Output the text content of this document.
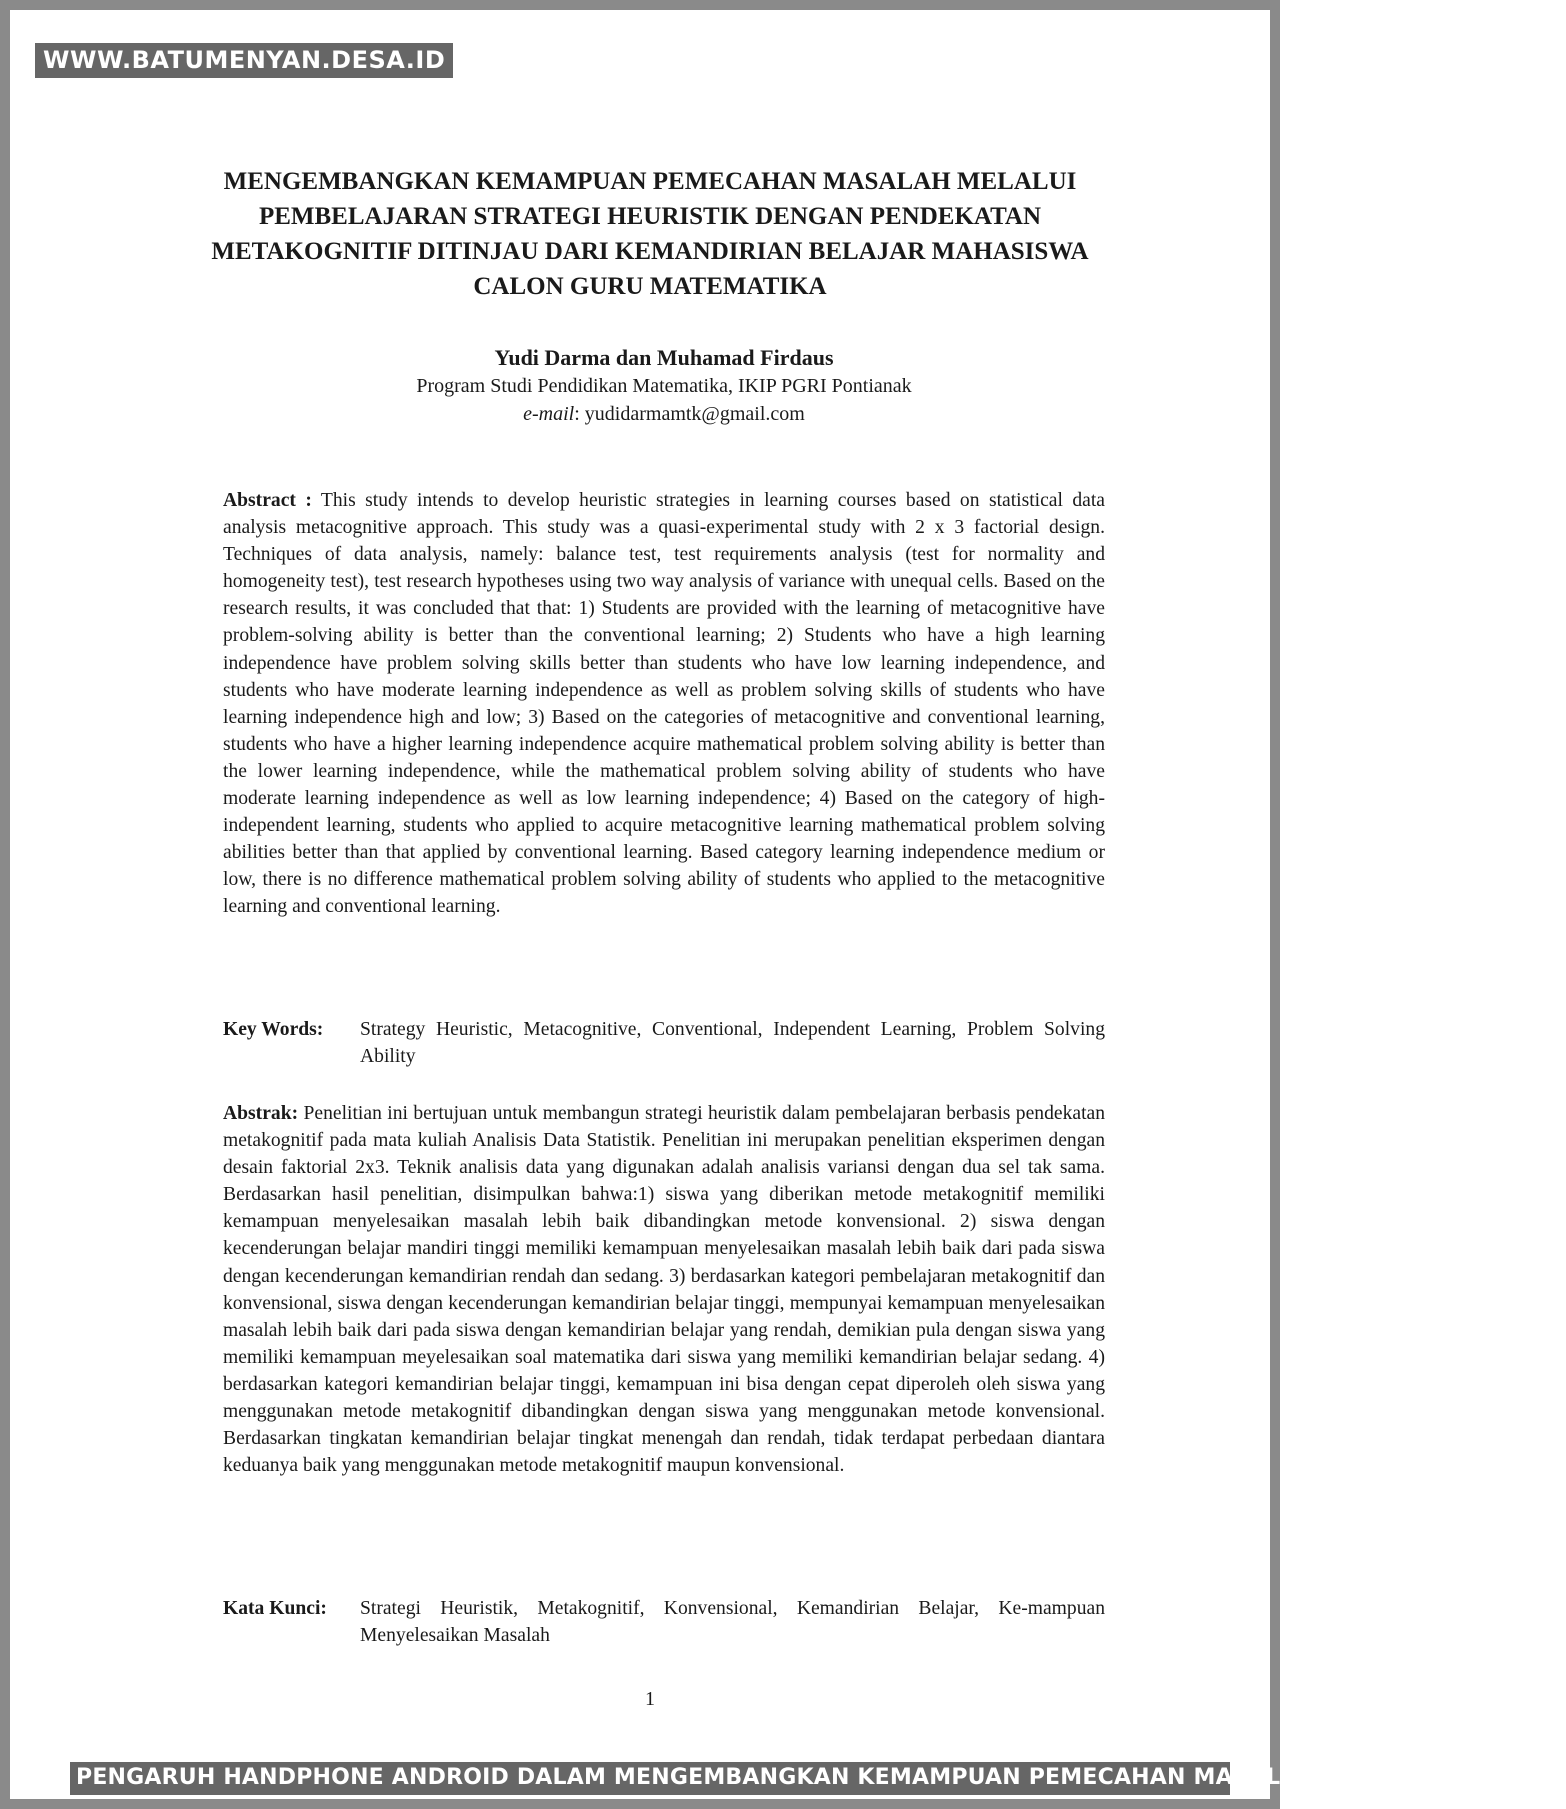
WWW.BATUMENYAN.DESA.ID
MENGEMBANGKAN KEMAMPUAN PEMECAHAN MASALAH MELALUI PEMBELAJARAN STRATEGI HEURISTIK DENGAN PENDEKATAN METAKOGNITIF DITINJAU DARI KEMANDIRIAN BELAJAR MAHASISWA CALON GURU MATEMATIKA
Yudi Darma dan Muhamad Firdaus
Program Studi Pendidikan Matematika, IKIP PGRI Pontianak
e-mail: yudidarmamtk@gmail.com
Abstract : This study intends to develop heuristic strategies in learning courses based on statistical data analysis metacognitive approach. This study was a quasi-experimental study with 2 x 3 factorial design. Techniques of data analysis, namely: balance test, test requirements analysis (test for normality and homogeneity test), test research hypotheses using two way analysis of variance with unequal cells. Based on the research results, it was concluded that that: 1) Students are provided with the learning of metacognitive have problem-solving ability is better than the conventional learning; 2) Students who have a high learning independence have problem solving skills better than students who have low learning independence, and students who have moderate learning independence as well as problem solving skills of students who have learning independence high and low; 3) Based on the categories of metacognitive and conventional learning, students who have a higher learning independence acquire mathematical problem solving ability is better than the lower learning independence, while the mathematical problem solving ability of students who have moderate learning independence as well as low learning independence; 4) Based on the category of high-independent learning, students who applied to acquire metacognitive learning mathematical problem solving abilities better than that applied by conventional learning. Based category learning independence medium or low, there is no difference mathematical problem solving ability of students who applied to the metacognitive learning and conventional learning.
Key Words:	Strategy Heuristic, Metacognitive, Conventional, Independent Learning, Problem Solving Ability
Abstrak: Penelitian ini bertujuan untuk membangun strategi heuristik dalam pembelajaran berbasis pendekatan metakognitif pada mata kuliah Analisis Data Statistik. Penelitian ini merupakan penelitian eksperimen dengan desain faktorial 2x3. Teknik analisis data yang digunakan adalah analisis variansi dengan dua sel tak sama. Berdasarkan hasil penelitian, disimpulkan bahwa:1) siswa yang diberikan metode metakognitif memiliki kemampuan menyelesaikan masalah lebih baik dibandingkan metode konvensional. 2) siswa dengan kecenderungan belajar mandiri tinggi memiliki kemampuan menyelesaikan masalah lebih baik dari pada siswa dengan kecenderungan kemandirian rendah dan sedang. 3) berdasarkan kategori pembelajaran metakognitif dan konvensional, siswa dengan kecenderungan kemandirian belajar tinggi, mempunyai kemampuan menyelesaikan masalah lebih baik dari pada siswa dengan kemandirian belajar yang rendah, demikian pula dengan siswa yang memiliki kemampuan meyelesaikan soal matematika dari siswa yang memiliki kemandirian belajar sedang. 4) berdasarkan kategori kemandirian belajar tinggi, kemampuan ini bisa dengan cepat diperoleh oleh siswa yang menggunakan metode metakognitif dibandingkan dengan siswa yang menggunakan metode konvensional. Berdasarkan tingkatan kemandirian belajar tingkat menengah dan rendah, tidak terdapat perbedaan diantara keduanya baik yang menggunakan metode metakognitif maupun konvensional.
Kata Kunci:	Strategi Heuristik, Metakognitif, Konvensional, Kemandirian Belajar, Ke-mampuan Menyelesaikan Masalah
1
PENGARUH HANDPHONE ANDROID DALAM MENGEMBANGKAN KEMAMPUAN PEMECAHAN MASALAH MATEMATIKA ANAK
